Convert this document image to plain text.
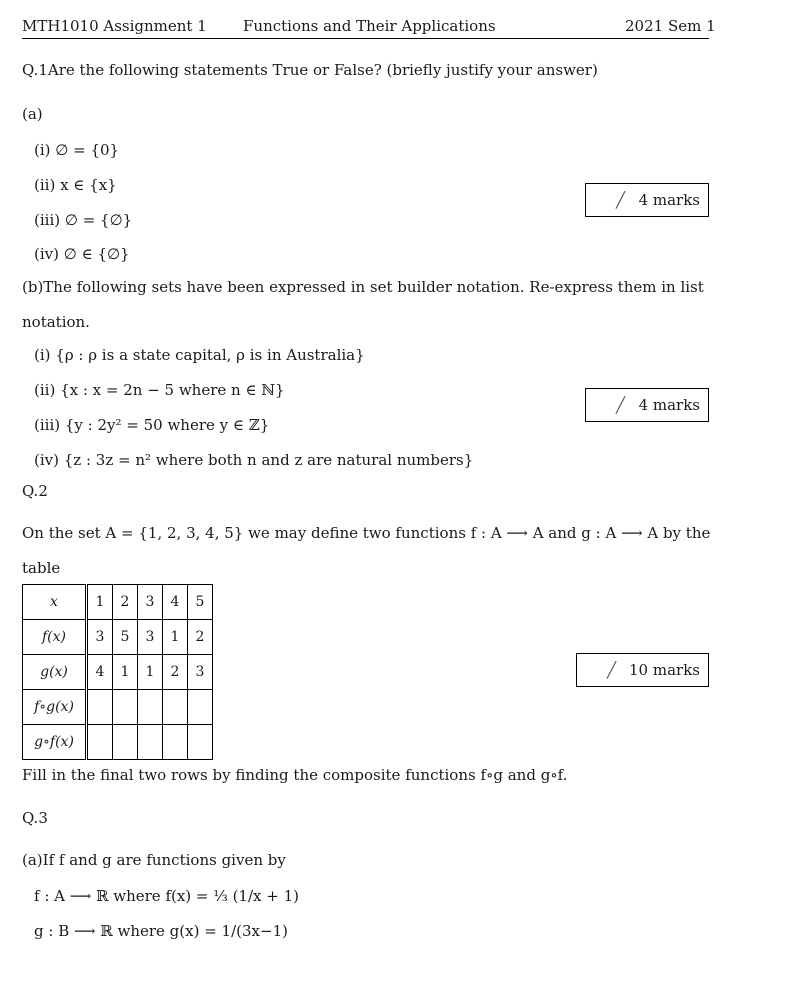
MTH1010 Assignment 1 Functions and Their Applications	2021 Sem 1
Q.1Are the following statements True or False? (briefly justify your answer)
(a)
(i) ∅ = {0}
(ii) x ∈ {x}
(iii) ∅ = {∅}
(iv) ∅ ∈ {∅}
╱ 4 marks
(b)The following sets have been expressed in set builder notation. Re-express them in list
notation.
(i) {ρ : ρ is a state capital, ρ is in Australia}
(ii) {x : x = 2n − 5 where n ∈ ℕ}
(iii) {y : 2y² = 50 where y ∈ ℤ}
(iv) {z : 3z = n² where both n and z are natural numbers}
╱ 4 marks
Q.2
On the set A = {1, 2, 3, 4, 5} we may define two functions f : A ⟶ A and g : A ⟶ A by the
table
x	1	2	3	4	5
f(x)	3	5	3	1	2
g(x)	4	1	1	2	3
f∘g(x)					
g∘f(x)					
╱ 10 marks
Fill in the final two rows by finding the composite functions f∘g and g∘f.
Q.3
(a)If f and g are functions given by
f : A ⟶ ℝ where f(x) = ⅓ (1/x + 1)
g : B ⟶ ℝ where g(x) = 1/(3x−1)
